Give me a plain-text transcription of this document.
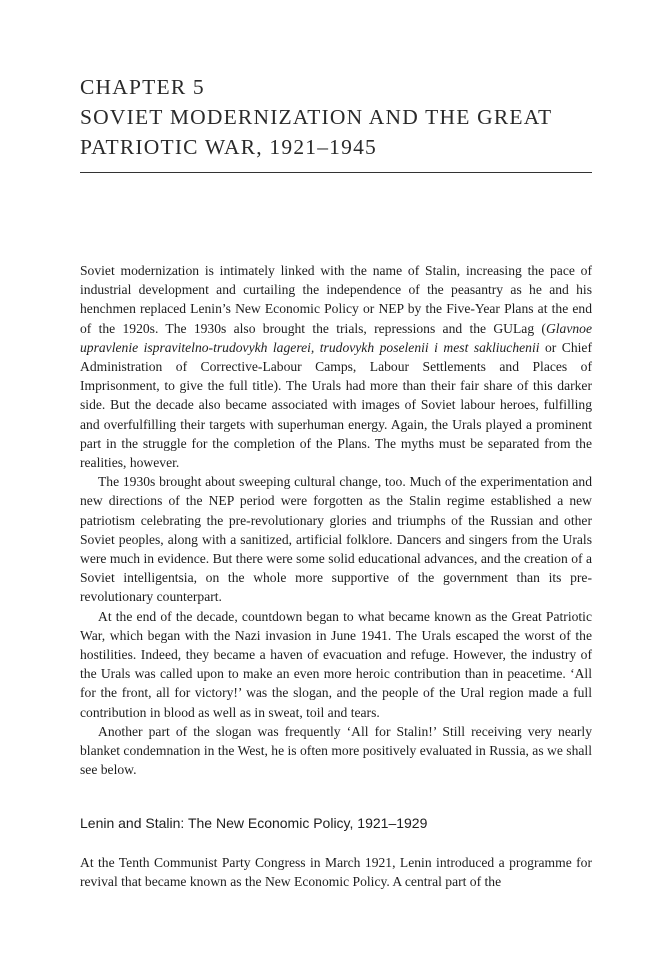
CHAPTER 5
SOVIET MODERNIZATION AND THE GREAT
PATRIOTIC WAR, 1921–1945

Soviet modernization is intimately linked with the name of Stalin, increasing the pace of industrial development and curtailing the independence of the peasantry as he and his henchmen replaced Lenin’s New Economic Policy or NEP by the Five-Year Plans at the end of the 1920s. The 1930s also brought the trials, repressions and the GULag (Glavnoe upravlenie ispravitelno-trudovykh lagerei, trudovykh poselenii i mest sakliuchenii or Chief Administration of Corrective-Labour Camps, Labour Settlements and Places of Imprisonment, to give the full title). The Urals had more than their fair share of this darker side. But the decade also became associated with images of Soviet labour heroes, fulfilling and overfulfilling their targets with superhuman energy. Again, the Urals played a prominent part in the struggle for the completion of the Plans. The myths must be separated from the realities, however.

The 1930s brought about sweeping cultural change, too. Much of the experimentation and new directions of the NEP period were forgotten as the Stalin regime established a new patriotism celebrating the pre-revolutionary glories and triumphs of the Russian and other Soviet peoples, along with a sanitized, artificial folklore. Dancers and singers from the Urals were much in evidence. But there were some solid educational advances, and the creation of a Soviet intelligentsia, on the whole more supportive of the government than its pre-revolutionary counterpart.

At the end of the decade, countdown began to what became known as the Great Patriotic War, which began with the Nazi invasion in June 1941. The Urals escaped the worst of the hostilities. Indeed, they became a haven of evacuation and refuge. However, the industry of the Urals was called upon to make an even more heroic contribution than in peacetime. ‘All for the front, all for victory!’ was the slogan, and the people of the Ural region made a full contribution in blood as well as in sweat, toil and tears.

Another part of the slogan was frequently ‘All for Stalin!’ Still receiving very nearly blanket condemnation in the West, he is often more positively evaluated in Russia, as we shall see below.

Lenin and Stalin: The New Economic Policy, 1921–1929

At the Tenth Communist Party Congress in March 1921, Lenin introduced a programme for revival that became known as the New Economic Policy. A central part of the
